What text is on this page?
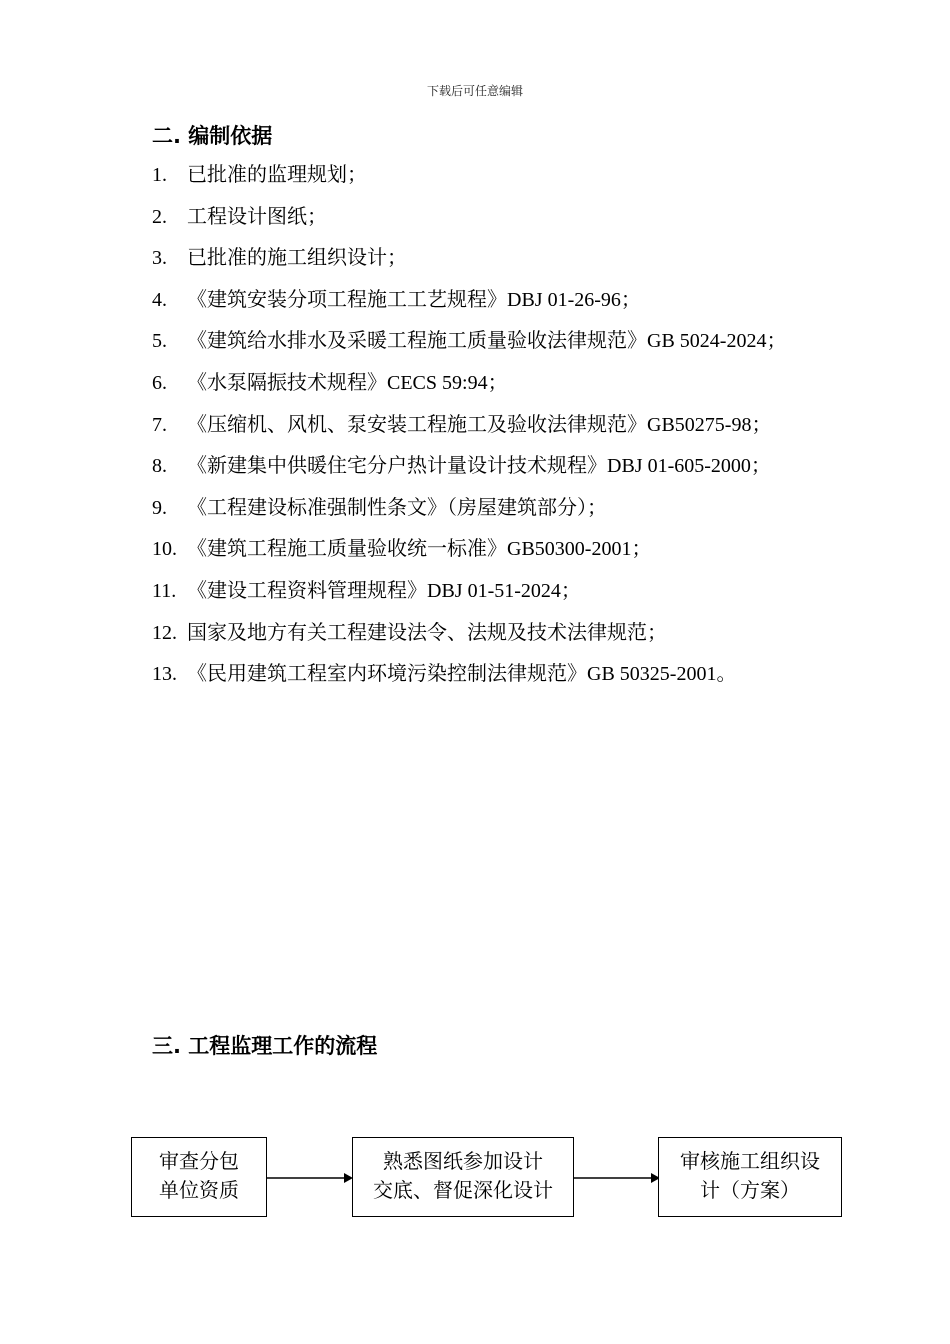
下载后可任意编辑
二. 编制依据
1. 已批准的监理规划；
2. 工程设计图纸；
3. 已批准的施工组织设计；
4. 《建筑安装分项工程施工工艺规程》DBJ 01-26-96；
5. 《建筑给水排水及采暖工程施工质量验收法律规范》GB 5024-2024；
6. 《水泵隔振技术规程》CECS 59:94；
7. 《压缩机、风机、泵安装工程施工及验收法律规范》GB50275-98；
8. 《新建集中供暖住宅分户热计量设计技术规程》DBJ 01-605-2000；
9. 《工程建设标准强制性条文》（房屋建筑部分）；
10. 《建筑工程施工质量验收统一标准》GB50300-2001；
11. 《建设工程资料管理规程》DBJ 01-51-2024；
12. 国家及地方有关工程建设法令、法规及技术法律规范；
13. 《民用建筑工程室内环境污染控制法律规范》GB 50325-2001。
三. 工程监理工作的流程
审查分包
单位资质
熟悉图纸参加设计
交底、督促深化设计
审核施工组织设
计（方案）
